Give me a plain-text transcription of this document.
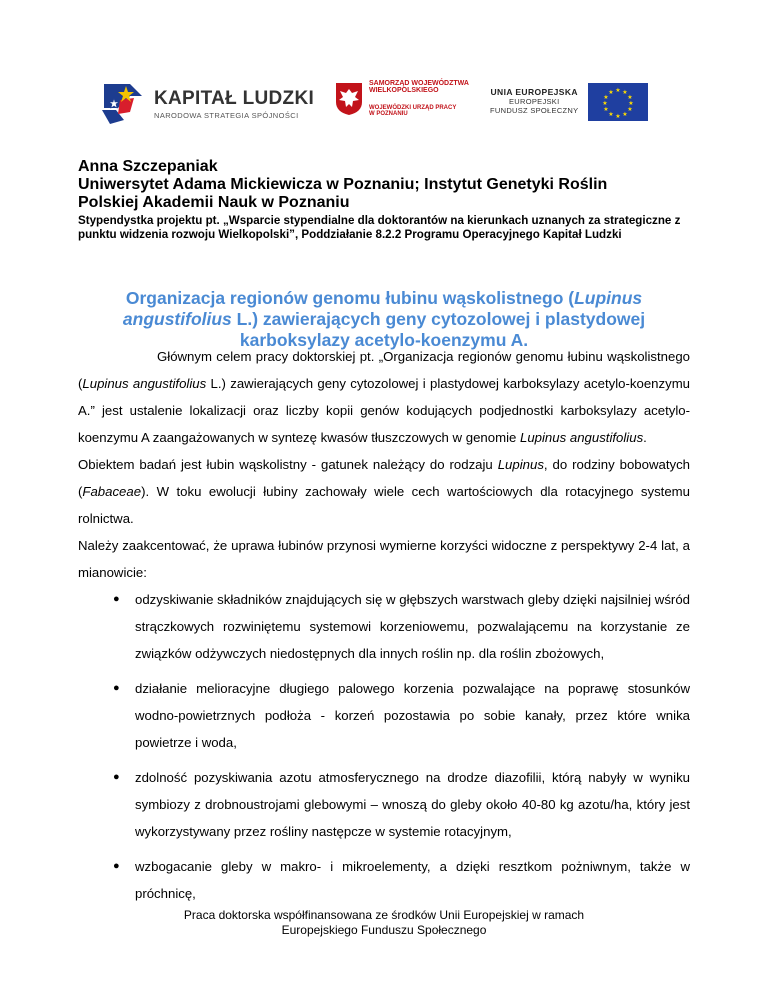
KAPITAŁ LUDZKI
NARODOWA STRATEGIA SPÓJNOŚCI
SAMORZĄD WOJEWÓDZTWA
WIELKOPOLSKIEGO
WOJEWÓDZKI URZĄD PRACY
W POZNANIU
UNIA EUROPEJSKA
EUROPEJSKI
FUNDUSZ SPOŁECZNY
★ ★
★
★
★
★
★
★
★
★
★
★
Anna Szczepaniak
Uniwersytet Adama Mickiewicza w Poznaniu; Instytut Genetyki Roślin
Polskiej Akademii Nauk w Poznaniu
Stypendystka projektu pt. „Wsparcie stypendialne dla doktorantów na kierunkach uznanych za strategiczne z punktu widzenia rozwoju Wielkopolski”, Poddziałanie 8.2.2 Programu Operacyjnego Kapitał Ludzki
Organizacja regionów genomu łubinu wąskolistnego (Lupinus angustifolius L.) zawierających geny cytozolowej i plastydowej karboksylazy acetylo-koenzymu A.

Głównym celem pracy doktorskiej pt. „Organizacja regionów genomu łubinu wąskolistnego (Lupinus angustifolius L.) zawierających geny cytozolowej i plastydowej karboksylazy acetylo-koenzymu A.” jest ustalenie lokalizacji oraz liczby kopii genów kodujących podjednostki karboksylazy acetylo-koenzymu A zaangażowanych w syntezę kwasów tłuszczowych w genomie Lupinus angustifolius.

Obiektem badań jest łubin wąskolistny - gatunek należący do rodzaju Lupinus, do rodziny bobowatych (Fabaceae). W toku ewolucji łubiny zachowały wiele cech wartościowych dla rotacyjnego systemu rolnictwa.

Należy zaakcentować, że uprawa łubinów przynosi wymierne korzyści widoczne z perspektywy 2-4 lat, a mianowicie:

● odzyskiwanie składników znajdujących się w głębszych warstwach gleby dzięki najsilniej wśród strączkowych rozwiniętemu systemowi korzeniowemu, pozwalającemu na korzystanie ze związków odżywczych niedostępnych dla innych roślin np. dla roślin zbożowych,
● działanie melioracyjne długiego palowego korzenia pozwalające na poprawę stosunków wodno-powietrznych podłoża - korzeń pozostawia po sobie kanały, przez które wnika powietrze i woda,
● zdolność pozyskiwania azotu atmosferycznego na drodze diazofilii, którą nabyły w wyniku symbiozy z drobnoustrojami glebowymi – wnoszą do gleby około 40-80 kg azotu/ha, który jest wykorzystywany przez rośliny następcze w systemie rotacyjnym,
● wzbogacanie gleby w makro- i mikroelementy, a dzięki resztkom pożniwnym, także w próchnicę,
Praca doktorska współfinansowana ze środków Unii Europejskiej w ramach
Europejskiego Funduszu Społecznego
